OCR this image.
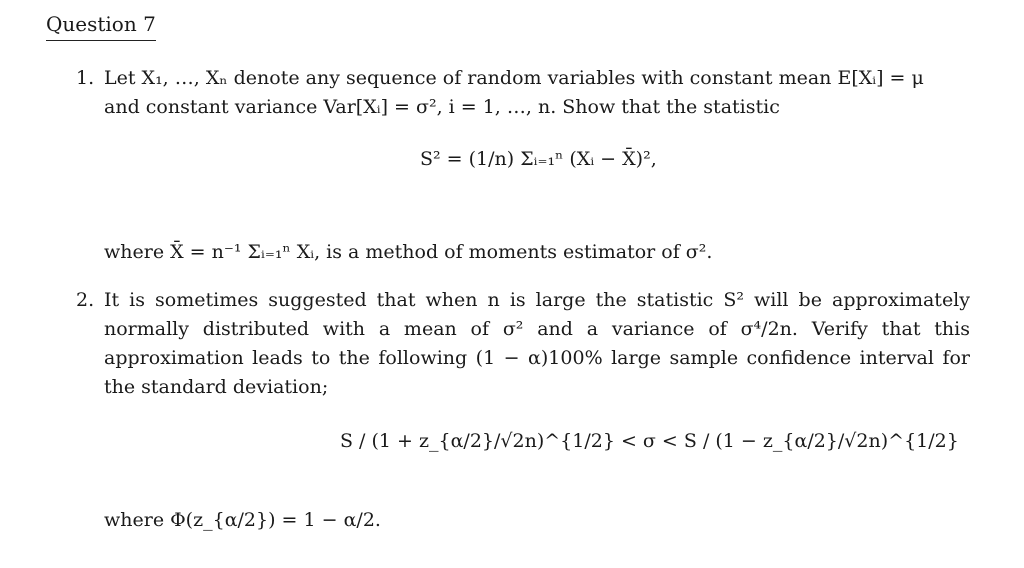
Question 7
1. Let X₁, …, Xₙ denote any sequence of random variables with constant mean E[Xᵢ] = μ
and constant variance Var[Xᵢ] = σ², i = 1, …, n. Show that the statistic
S² = (1/n) Σᵢ₌₁ⁿ (Xᵢ − X̄)²,
where X̄ = n⁻¹ Σᵢ₌₁ⁿ Xᵢ, is a method of moments estimator of σ².
2. It is sometimes suggested that when n is large the statistic S² will be approximately normally distributed with a mean of σ² and a variance of σ⁴/2n. Verify that this approximation leads to the following (1 − α)100% large sample confidence interval for the standard deviation;
S / (1 + z_{α/2}/√2n)^{1/2} < σ < S / (1 − z_{α/2}/√2n)^{1/2}
where Φ(z_{α/2}) = 1 − α/2.
